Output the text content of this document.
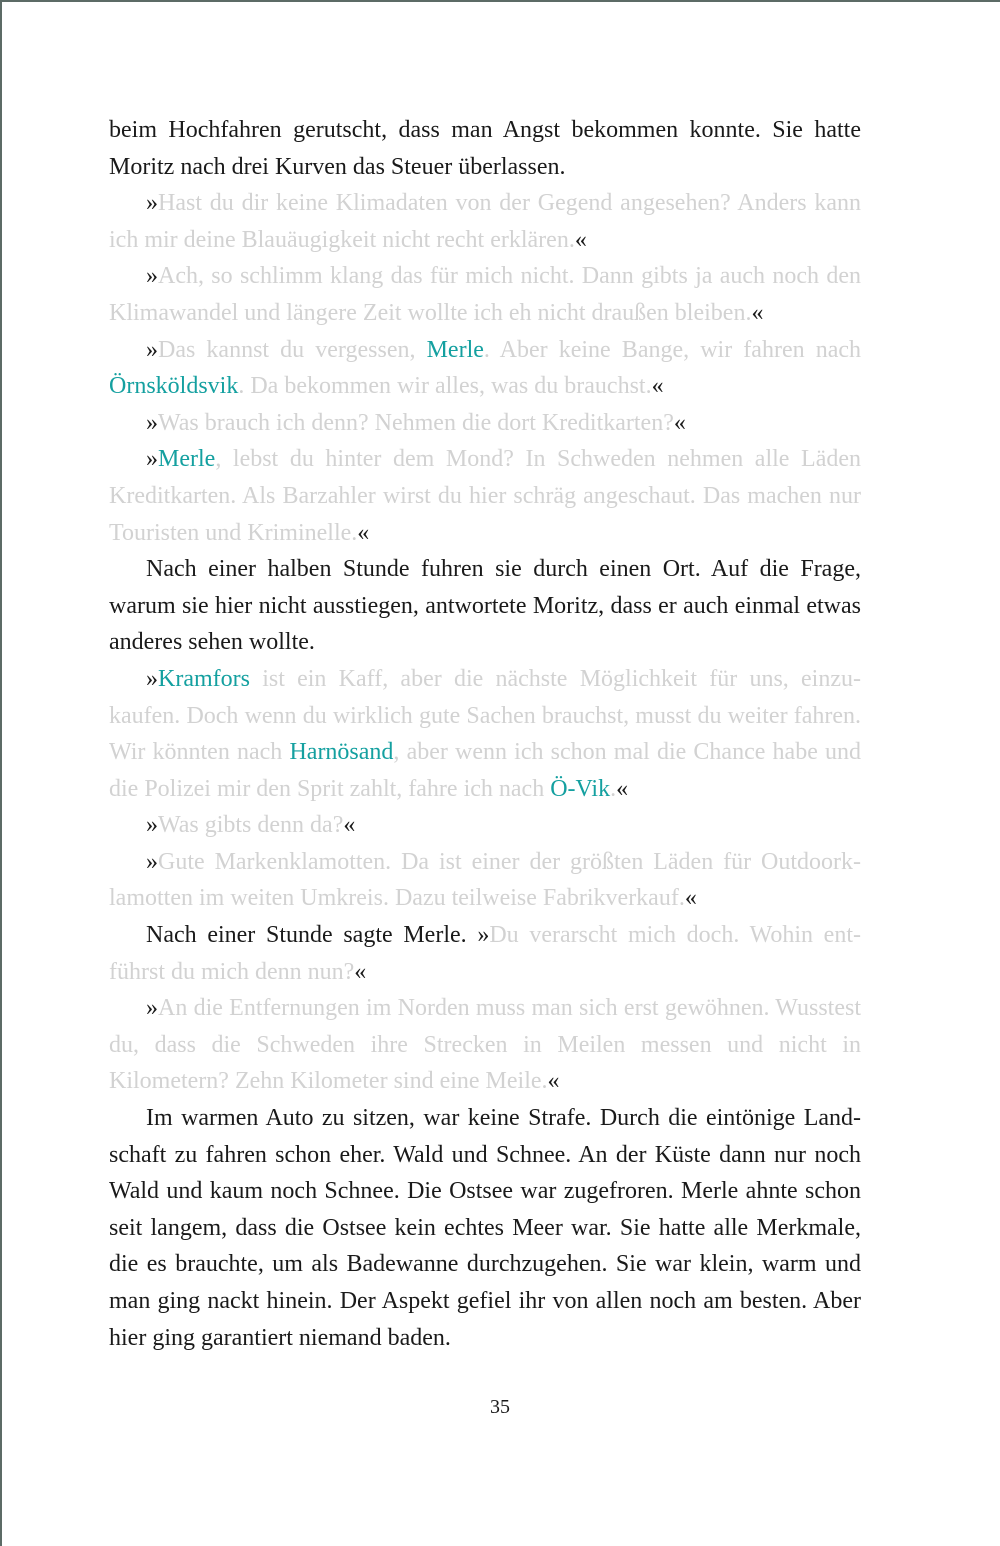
beim Hochfahren gerutscht, dass man Angst bekommen konnte. Sie hatte Moritz nach drei Kurven das Steuer überlassen.

»Hast du dir keine Klimadaten von der Gegend angesehen? Anders kann ich mir deine Blauäugigkeit nicht recht erklären.«

»Ach, so schlimm klang das für mich nicht. Dann gibts ja auch noch den Klimawandel und längere Zeit wollte ich eh nicht draußen bleiben.«

»Das kannst du vergessen, Merle. Aber keine Bange, wir fahren nach Örnsköldsvik. Da bekommen wir alles, was du brauchst.«

»Was brauch ich denn? Nehmen die dort Kreditkarten?«

»Merle, lebst du hinter dem Mond? In Schweden nehmen alle Läden Kreditkarten. Als Barzahler wirst du hier schräg angeschaut. Das machen nur Touristen und Kriminelle.«

Nach einer halben Stunde fuhren sie durch einen Ort. Auf die Frage, warum sie hier nicht ausstiegen, antwortete Moritz, dass er auch einmal etwas anderes sehen wollte.

»Kramfors ist ein Kaff, aber die nächste Möglichkeit für uns, einzukaufen. Doch wenn du wirklich gute Sachen brauchst, musst du weiter fahren. Wir könnten nach Harnösand, aber wenn ich schon mal die Chance habe und die Polizei mir den Sprit zahlt, fahre ich nach Ö-Vik.«

»Was gibts denn da?«

»Gute Markenklamotten. Da ist einer der größten Läden für Outdoorklamotten im weiten Umkreis. Dazu teilweise Fabrikverkauf.«

Nach einer Stunde sagte Merle. »Du verarscht mich doch. Wohin entführst du mich denn nun?«

»An die Entfernungen im Norden muss man sich erst gewöhnen. Wusstest du, dass die Schweden ihre Strecken in Meilen messen und nicht in Kilometern? Zehn Kilometer sind eine Meile.«

Im warmen Auto zu sitzen, war keine Strafe. Durch die eintönige Landschaft zu fahren schon eher. Wald und Schnee. An der Küste dann nur noch Wald und kaum noch Schnee. Die Ostsee war zugefroren. Merle ahnte schon seit langem, dass die Ostsee kein echtes Meer war. Sie hatte alle Merkmale, die es brauchte, um als Badewanne durchzugehen. Sie war klein, warm und man ging nackt hinein. Der Aspekt gefiel ihr von allen noch am besten. Aber hier ging garantiert niemand baden.

35
